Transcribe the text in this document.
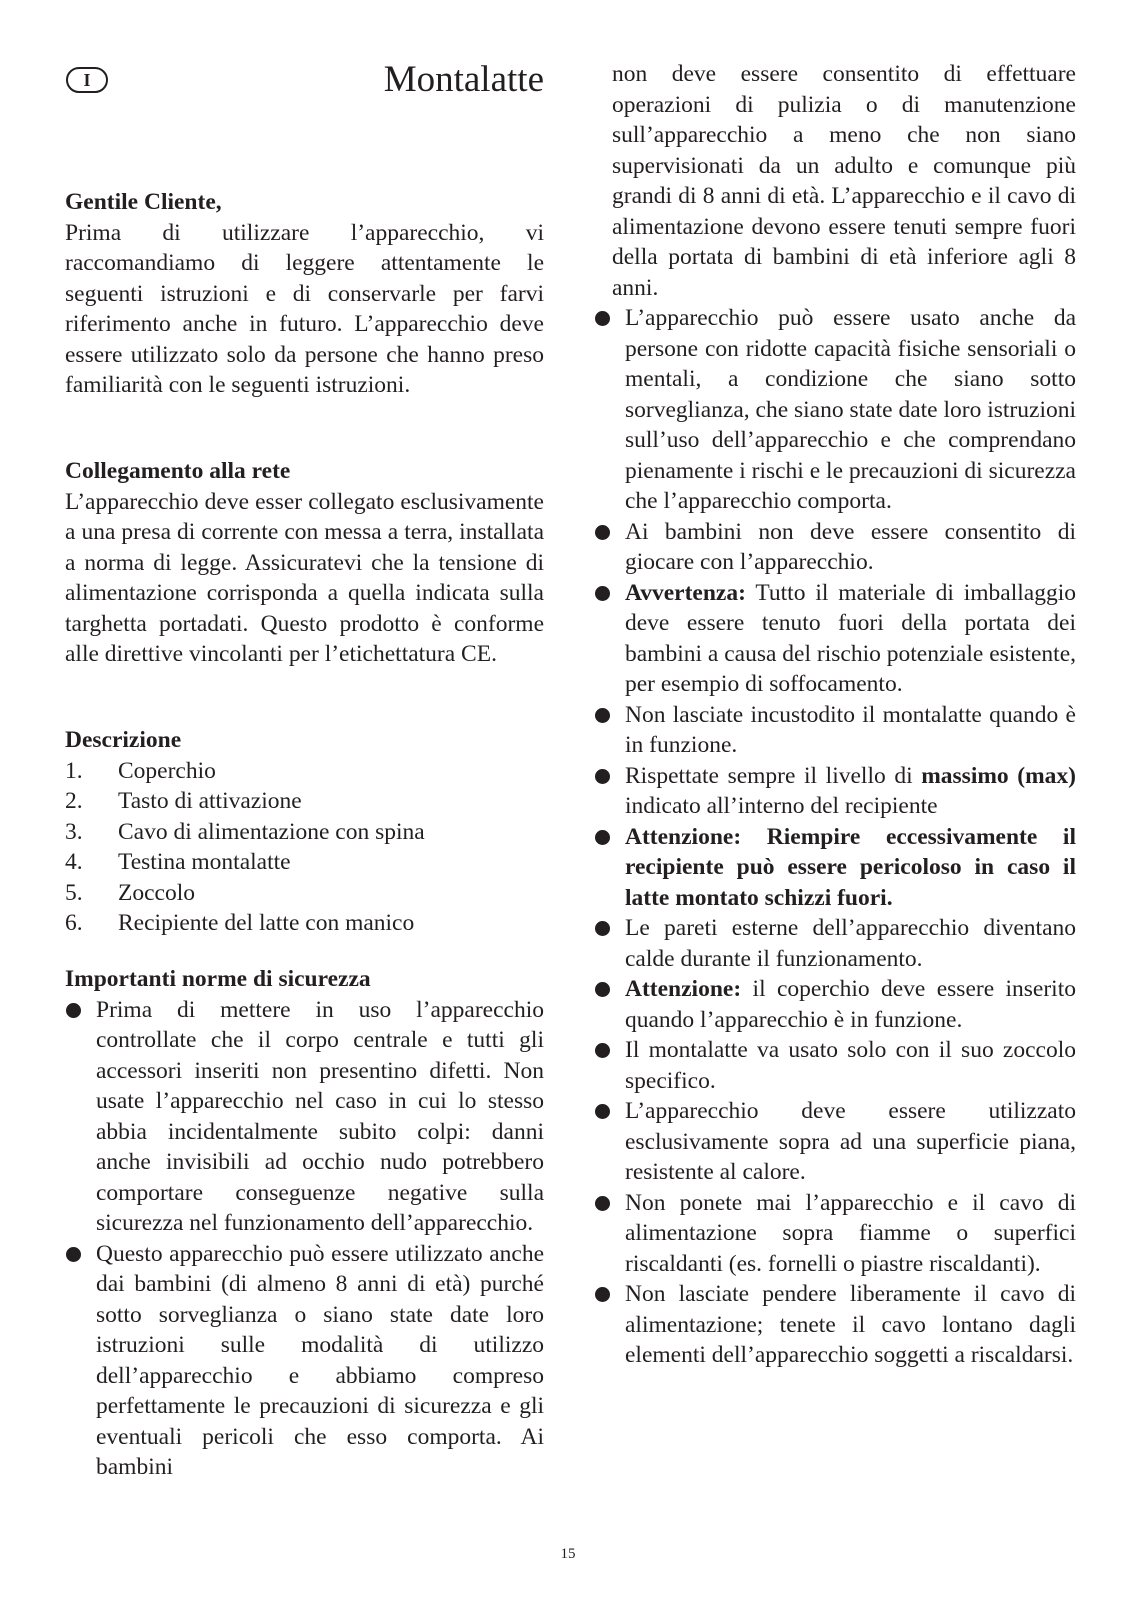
I	Montalatte

Gentile Cliente,

Prima di utilizzare l’apparecchio, vi raccomandiamo di leggere attentamente le seguenti istruzioni e di conservarle per farvi riferimento anche in futuro. L’apparecchio deve essere utilizzato solo da persone che hanno preso familiarità con le seguenti istruzioni.

Collegamento alla rete

L’apparecchio deve esser collegato esclusivamente a una presa di corrente con messa a terra, installata a norma di legge. Assicuratevi che la tensione di alimentazione corrisponda a quella indicata sulla targhetta portadati. Questo prodotto è conforme alle direttive vincolanti per l’etichettatura CE.

Descrizione

1.	Coperchio
2.	Tasto di attivazione
3.	Cavo di alimentazione con spina
4.	Testina montalatte
5.	Zoccolo
6.	Recipiente del latte con manico

Importanti norme di sicurezza

Prima di mettere in uso l’apparecchio controllate che il corpo centrale e tutti gli accessori inseriti non presentino difetti. Non usate l’apparecchio nel caso in cui lo stesso abbia incidentalmente subito colpi: danni anche invisibili ad occhio nudo potrebbero comportare conseguenze negative sulla sicurezza nel funzionamento dell’apparecchio.
Questo apparecchio può essere utilizzato anche dai bambini (di almeno 8 anni di età) purché sotto sorveglianza o siano state date loro istruzioni sulle modalità di utilizzo dell’apparecchio e abbiamo compreso perfettamente le precauzioni di sicurezza e gli eventuali pericoli che esso comporta. Ai bambini

non deve essere consentito di effettuare operazioni di pulizia o di manutenzione sull’apparecchio a meno che non siano supervisionati da un adulto e comunque più grandi di 8 anni di età. L’apparecchio e il cavo di alimentazione devono essere tenuti sempre fuori della portata di bambini di età inferiore agli 8 anni.

L’apparecchio può essere usato anche da persone con ridotte capacità fisiche sensoriali o mentali, a condizione che siano sotto sorveglianza, che siano state date loro istruzioni sull’uso dell’apparecchio e che comprendano pienamente i rischi e le precauzioni di sicurezza che l’apparecchio comporta.
Ai bambini non deve essere consentito di giocare con l’apparecchio.
Avvertenza: Tutto il materiale di imballaggio deve essere tenuto fuori della portata dei bambini a causa del rischio potenziale esistente, per esempio di soffocamento.
Non lasciate incustodito il montalatte quando è in funzione.
Rispettate sempre il livello di massimo (max) indicato all’interno del recipiente
Attenzione: Riempire eccessivamente il recipiente può essere pericoloso in caso il latte montato schizzi fuori.
Le pareti esterne dell’apparecchio diventano calde durante il funzionamento.
Attenzione: il coperchio deve essere inserito quando l’apparecchio è in funzione.
Il montalatte va usato solo con il suo zoccolo specifico.
L’apparecchio deve essere utilizzato esclusivamente sopra ad una superficie piana, resistente al calore.
Non ponete mai l’apparecchio e il cavo di alimentazione sopra fiamme o superfici riscaldanti (es. fornelli o piastre riscaldanti).
Non lasciate pendere liberamente il cavo di alimentazione; tenete il cavo lontano dagli elementi dell’apparecchio soggetti a riscaldarsi.
15
